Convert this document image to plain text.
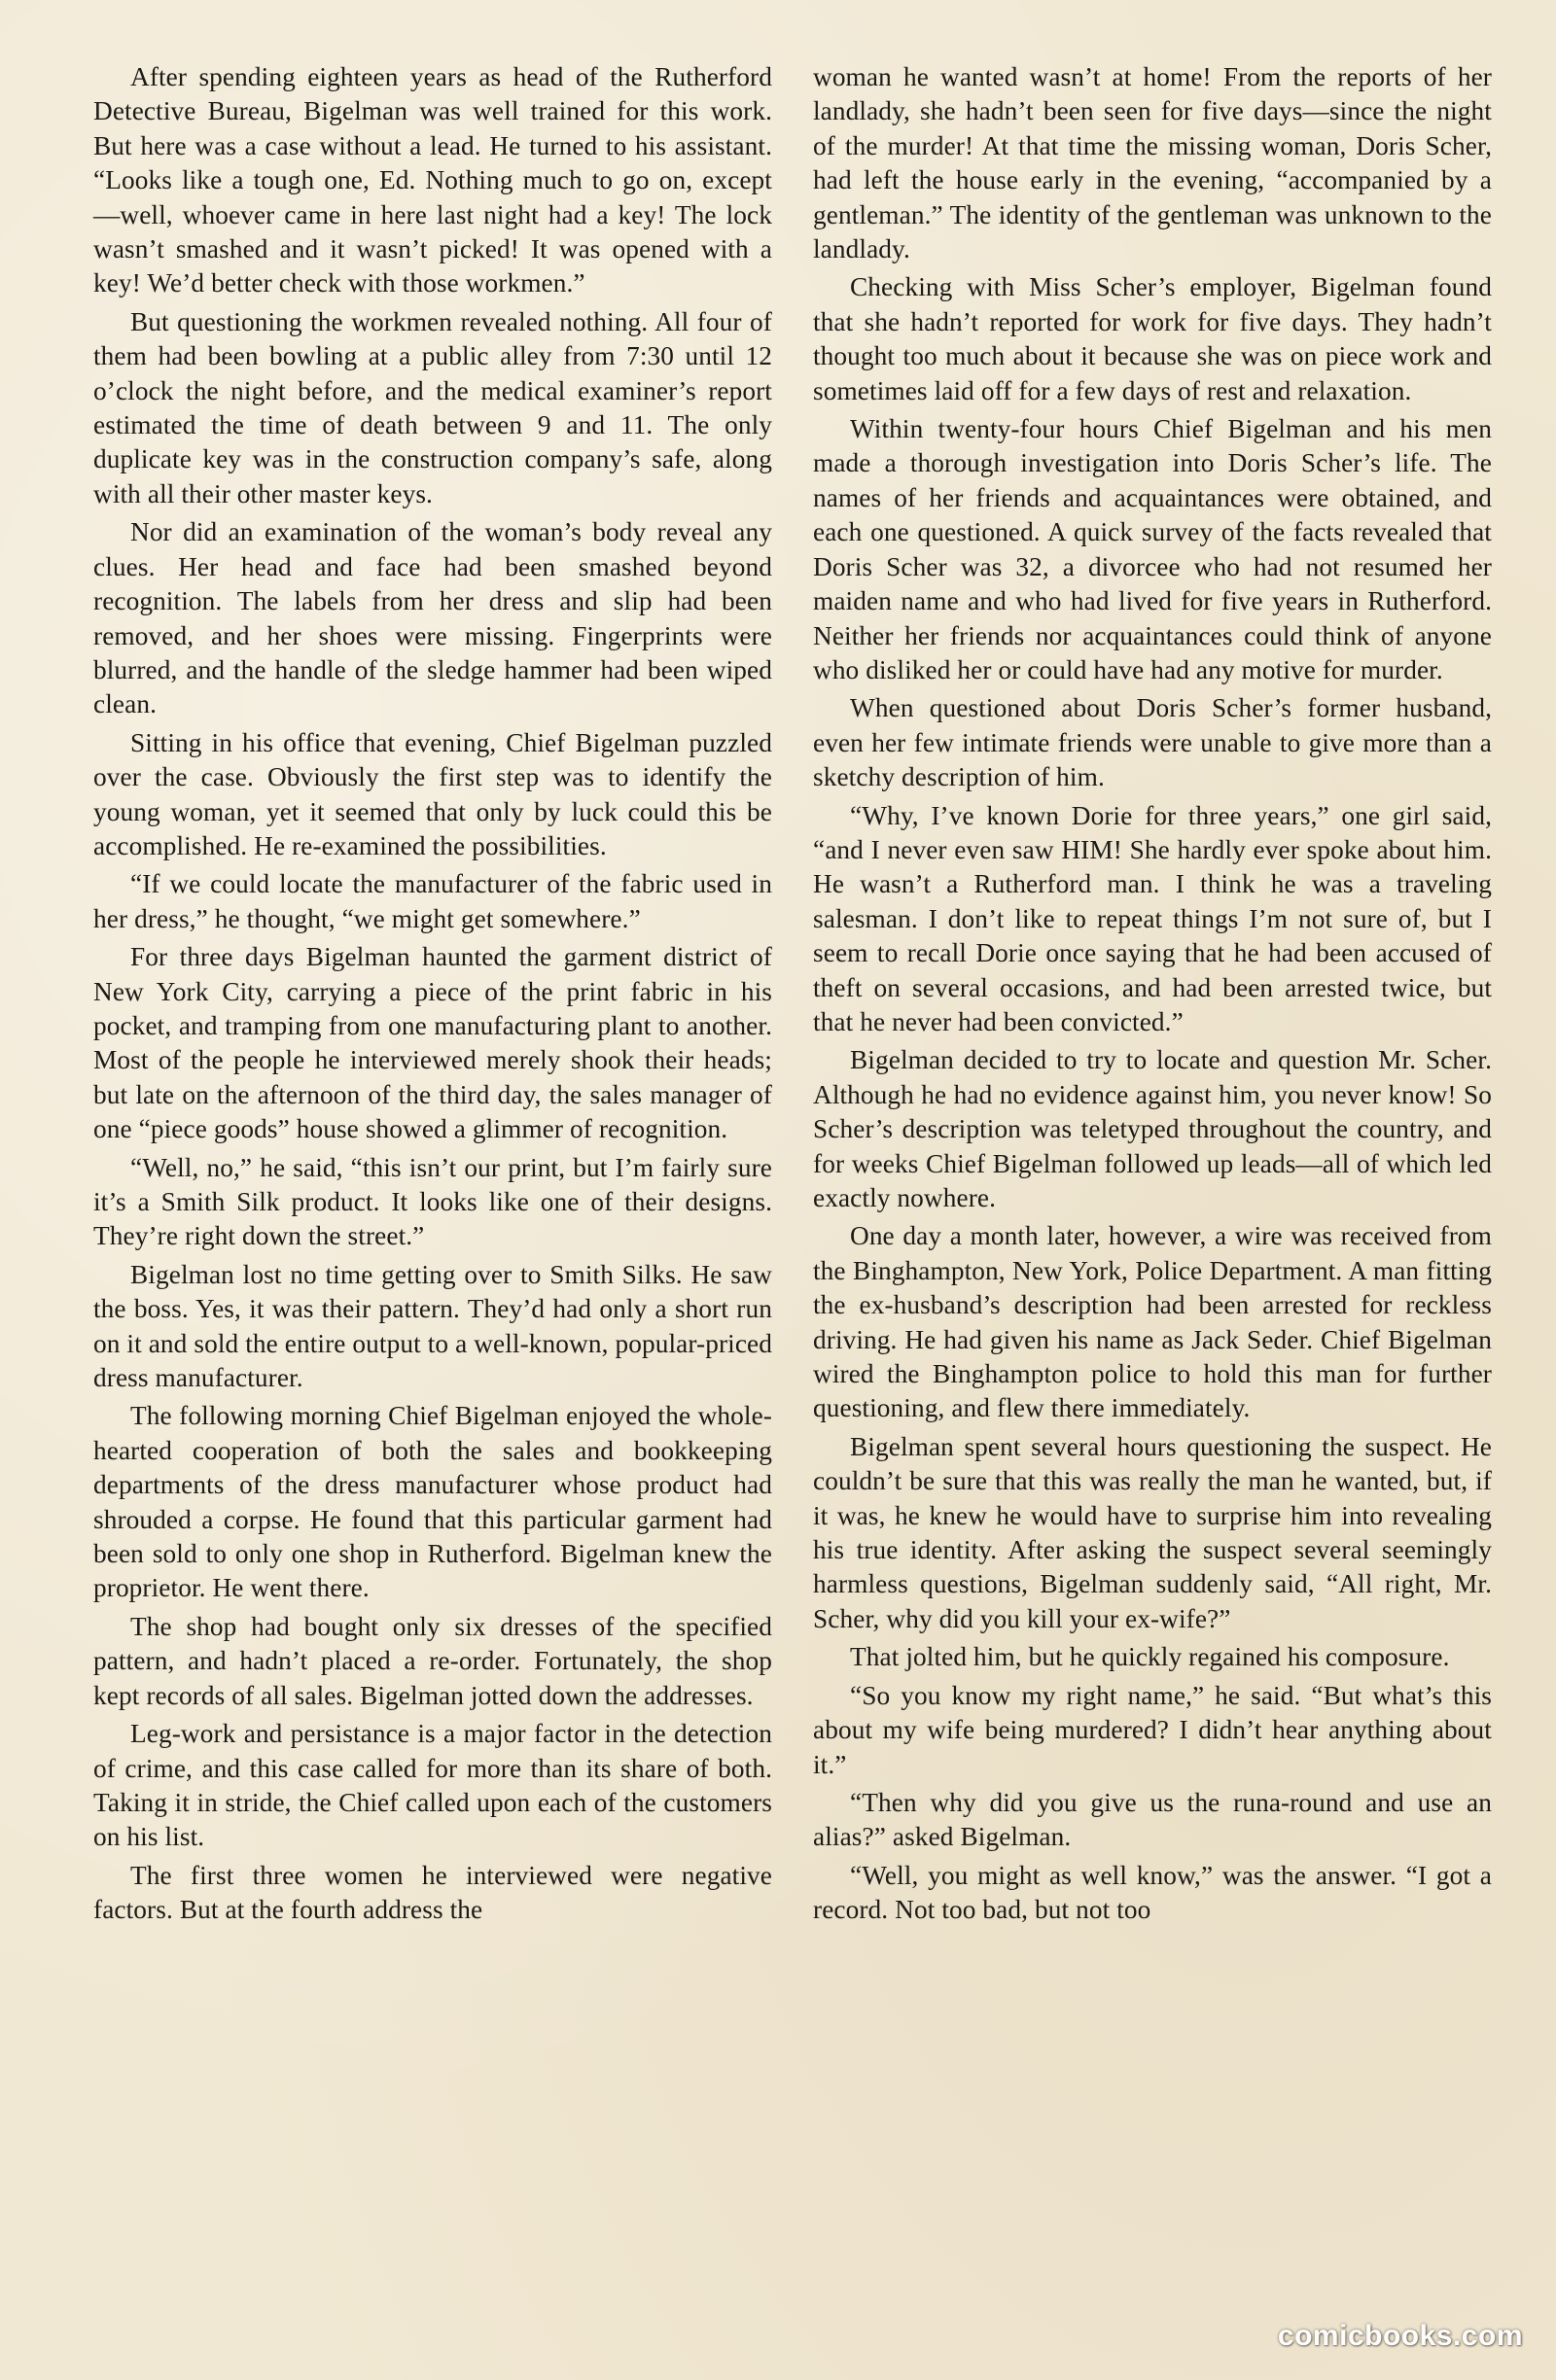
After spending eighteen years as head of the Rutherford Detective Bureau, Bigelman was well trained for this work. But here was a case without a lead. He turned to his assistant. “Looks like a tough one, Ed. Nothing much to go on, except —well, whoever came in here last night had a key! The lock wasn’t smashed and it wasn’t picked! It was opened with a key! We’d better check with those workmen.”

But questioning the workmen revealed nothing. All four of them had been bowling at a public alley from 7:30 until 12 o’clock the night before, and the medical examiner’s report estimated the time of death between 9 and 11. The only duplicate key was in the construction company’s safe, along with all their other master keys.

Nor did an examination of the woman’s body reveal any clues. Her head and face had been smashed beyond recognition. The labels from her dress and slip had been removed, and her shoes were missing. Fingerprints were blurred, and the handle of the sledge hammer had been wiped clean.

Sitting in his office that evening, Chief Bigelman puzzled over the case. Obviously the first step was to identify the young woman, yet it seemed that only by luck could this be accomplished. He re-examined the possibilities.

“If we could locate the manufacturer of the fabric used in her dress,” he thought, “we might get somewhere.”

For three days Bigelman haunted the garment district of New York City, carrying a piece of the print fabric in his pocket, and tramping from one manufacturing plant to another. Most of the people he interviewed merely shook their heads; but late on the afternoon of the third day, the sales manager of one “piece goods” house showed a glimmer of recognition.

“Well, no,” he said, “this isn’t our print, but I’m fairly sure it’s a Smith Silk product. It looks like one of their designs. They’re right down the street.”

Bigelman lost no time getting over to Smith Silks. He saw the boss. Yes, it was their pattern. They’d had only a short run on it and sold the entire output to a well-known, popular-priced dress manufacturer.

The following morning Chief Bigelman enjoyed the whole-hearted cooperation of both the sales and bookkeeping departments of the dress manufacturer whose product had shrouded a corpse. He found that this particular garment had been sold to only one shop in Rutherford. Bigelman knew the proprietor. He went there.

The shop had bought only six dresses of the specified pattern, and hadn’t placed a re-order. Fortunately, the shop kept records of all sales. Bigelman jotted down the addresses.

Leg-work and persistance is a major factor in the detection of crime, and this case called for more than its share of both. Taking it in stride, the Chief called upon each of the customers on his list.

The first three women he interviewed were negative factors. But at the fourth address the

woman he wanted wasn’t at home! From the reports of her landlady, she hadn’t been seen for five days—since the night of the murder! At that time the missing woman, Doris Scher, had left the house early in the evening, “accompanied by a gentleman.” The identity of the gentleman was unknown to the landlady.

Checking with Miss Scher’s employer, Bigelman found that she hadn’t reported for work for five days. They hadn’t thought too much about it because she was on piece work and sometimes laid off for a few days of rest and relaxation.

Within twenty-four hours Chief Bigelman and his men made a thorough investigation into Doris Scher’s life. The names of her friends and acquaintances were obtained, and each one questioned. A quick survey of the facts revealed that Doris Scher was 32, a divorcee who had not resumed her maiden name and who had lived for five years in Rutherford. Neither her friends nor acquaintances could think of anyone who disliked her or could have had any motive for murder.

When questioned about Doris Scher’s former husband, even her few intimate friends were unable to give more than a sketchy description of him.

“Why, I’ve known Dorie for three years,” one girl said, “and I never even saw HIM! She hardly ever spoke about him. He wasn’t a Rutherford man. I think he was a traveling salesman. I don’t like to repeat things I’m not sure of, but I seem to recall Dorie once saying that he had been accused of theft on several occasions, and had been arrested twice, but that he never had been convicted.”

Bigelman decided to try to locate and question Mr. Scher. Although he had no evidence against him, you never know! So Scher’s description was teletyped throughout the country, and for weeks Chief Bigelman followed up leads—all of which led exactly nowhere.

One day a month later, however, a wire was received from the Binghampton, New York, Police Department. A man fitting the ex-husband’s description had been arrested for reckless driving. He had given his name as Jack Seder. Chief Bigelman wired the Binghampton police to hold this man for further questioning, and flew there immediately.

Bigelman spent several hours questioning the suspect. He couldn’t be sure that this was really the man he wanted, but, if it was, he knew he would have to surprise him into revealing his true identity. After asking the suspect several seemingly harmless questions, Bigelman suddenly said, “All right, Mr. Scher, why did you kill your ex-wife?”

That jolted him, but he quickly regained his composure.

“So you know my right name,” he said. “But what’s this about my wife being murdered? I didn’t hear anything about it.”

“Then why did you give us the runa-round and use an alias?” asked Bigelman.

“Well, you might as well know,” was the answer. “I got a record. Not too bad, but not too

comicbooks.com
